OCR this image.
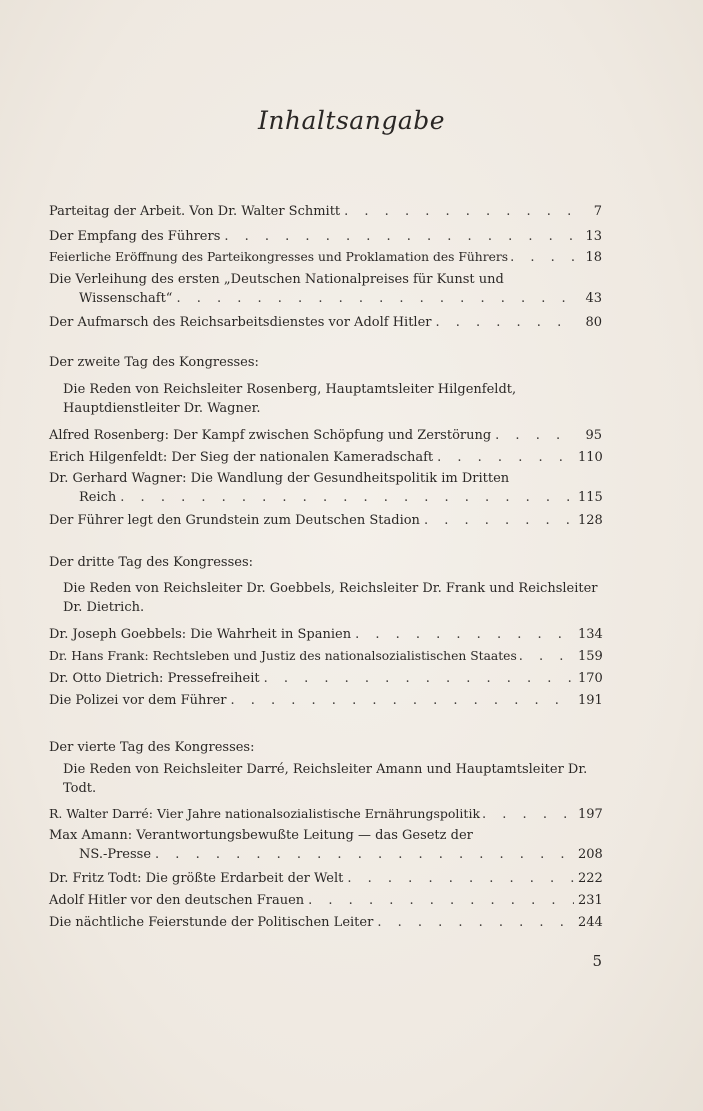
Inhaltsangabe
Parteitag der Arbeit. Von Dr. Walter Schmitt . . .	7
Der Empfang des Führers . . .	13
Feierliche Eröffnung des Parteikongresses und Proklamation des Führers . . .	18
Die Verleihung des ersten „Deutschen Nationalpreises für Kunst und
Wissenschaft“ . . .	43
Der Aufmarsch des Reichsarbeitsdienstes vor Adolf Hitler . . .	80
Der zweite Tag des Kongresses:
Die Reden von Reichsleiter Rosenberg, Hauptamtsleiter Hilgenfeldt, Hauptdienstleiter Dr. Wagner.
Alfred Rosenberg: Der Kampf zwischen Schöpfung und Zerstörung . . .	95
Erich Hilgenfeldt: Der Sieg der nationalen Kameradschaft . . .	110
Dr. Gerhard Wagner: Die Wandlung der Gesundheitspolitik im Dritten
Reich . . .	115
Der Führer legt den Grundstein zum Deutschen Stadion . . .	128
Der dritte Tag des Kongresses:
Die Reden von Reichsleiter Dr. Goebbels, Reichsleiter Dr. Frank und Reichsleiter Dr. Dietrich.
Dr. Joseph Goebbels: Die Wahrheit in Spanien . . .	134
Dr. Hans Frank: Rechtsleben und Justiz des nationalsozialistischen Staates . . .	159
Dr. Otto Dietrich: Pressefreiheit . . .	170
Die Polizei vor dem Führer . . .	191
Der vierte Tag des Kongresses:
Die Reden von Reichsleiter Darré, Reichsleiter Amann und Hauptamtsleiter Dr. Todt.
R. Walter Darré: Vier Jahre nationalsozialistische Ernährungspolitik . . .	197
Max Amann: Verantwortungsbewußte Leitung — das Gesetz der
NS.-Presse . . .	208
Dr. Fritz Todt: Die größte Erdarbeit der Welt . . .	222
Adolf Hitler vor den deutschen Frauen . . .	231
Die nächtliche Feierstunde der Politischen Leiter . . .	244
5
